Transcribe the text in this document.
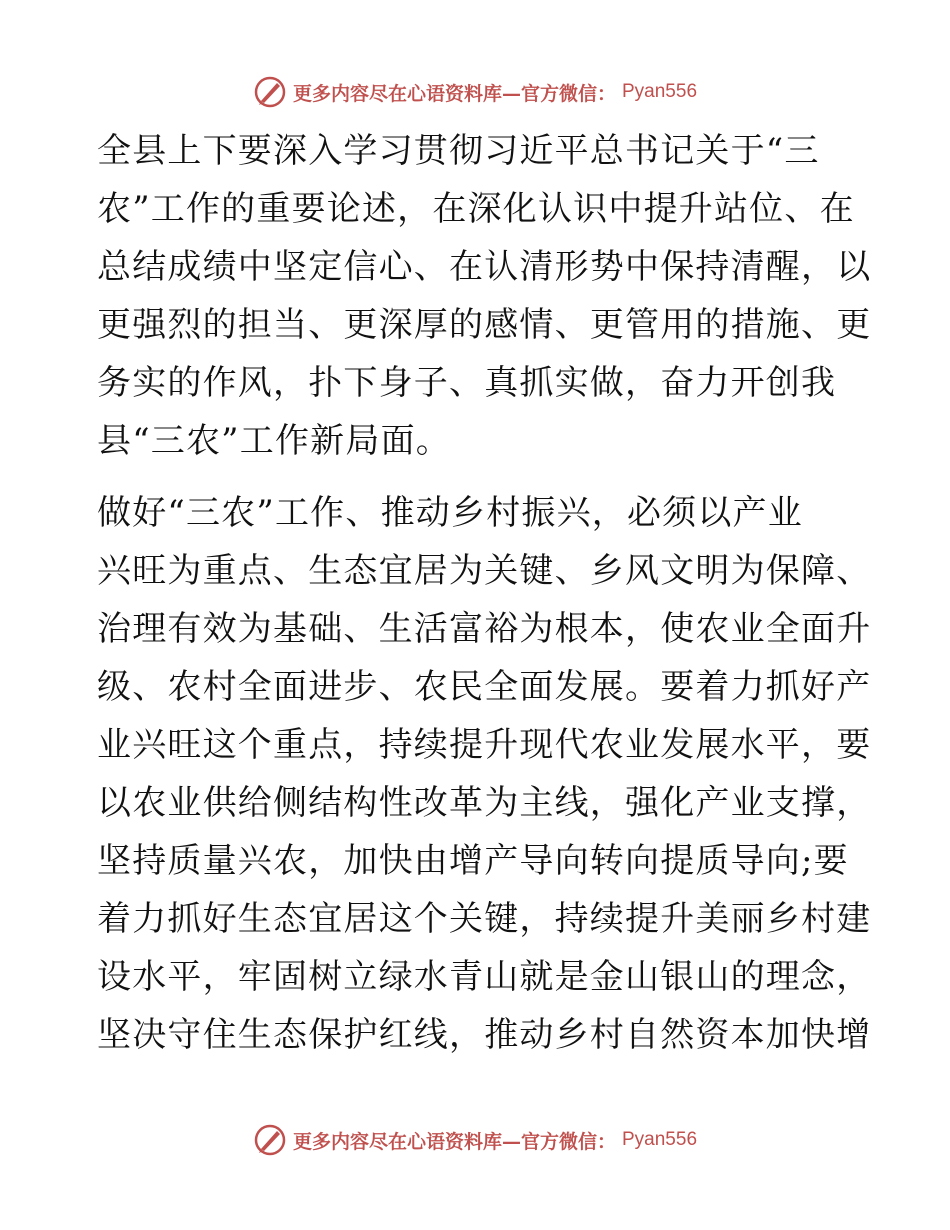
更多内容尽在心语资料库—官方微信： Pyan556
全县上下要深入学习贯彻习近平总书记关于“三
农”工作的重要论述，在深化认识中提升站位、在
总结成绩中坚定信心、在认清形势中保持清醒，以
更强烈的担当、更深厚的感情、更管用的措施、更
务实的作风，扑下身子、真抓实做，奋力开创我
县“三农”工作新局面。
做好“三农”工作、推动乡村振兴，必须以产业
兴旺为重点、生态宜居为关键、乡风文明为保障、
治理有效为基础、生活富裕为根本，使农业全面升
级、农村全面进步、农民全面发展。要着力抓好产
业兴旺这个重点，持续提升现代农业发展水平，要
以农业供给侧结构性改革为主线，强化产业支撑，
坚持质量兴农，加快由增产导向转向提质导向;要
着力抓好生态宜居这个关键，持续提升美丽乡村建
设水平，牢固树立绿水青山就是金山银山的理念，
坚决守住生态保护红线，推动乡村自然资本加快增
更多内容尽在心语资料库—官方微信： Pyan556
